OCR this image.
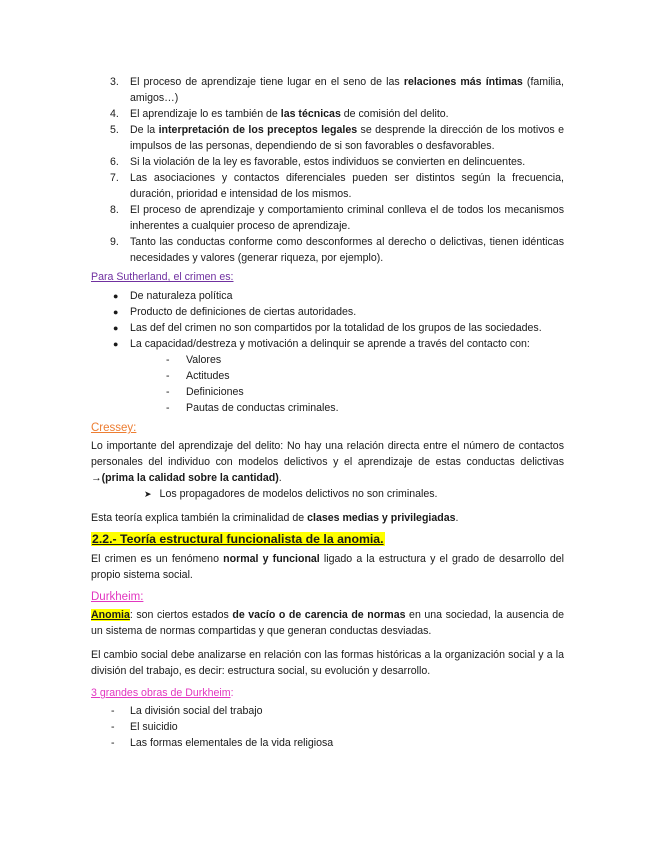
3. El proceso de aprendizaje tiene lugar en el seno de las relaciones más íntimas (familia, amigos…)
4. El aprendizaje lo es también de las técnicas de comisión del delito.
5. De la interpretación de los preceptos legales se desprende la dirección de los motivos e impulsos de las personas, dependiendo de si son favorables o desfavorables.
6. Si la violación de la ley es favorable, estos individuos se convierten en delincuentes.
7. Las asociaciones y contactos diferenciales pueden ser distintos según la frecuencia, duración, prioridad e intensidad de los mismos.
8. El proceso de aprendizaje y comportamiento criminal conlleva el de todos los mecanismos inherentes a cualquier proceso de aprendizaje.
9. Tanto las conductas conforme como desconformes al derecho o delictivas, tienen idénticas necesidades y valores (generar riqueza, por ejemplo).
Para Sutherland, el crimen es:
● De naturaleza política
● Producto de definiciones de ciertas autoridades.
● Las def del crimen no son compartidos por la totalidad de los grupos de las sociedades.
● La capacidad/destreza y motivación a delinquir se aprende a través del contacto con:
- Valores
- Actitudes
- Definiciones
- Pautas de conductas criminales.
Cressey:
Lo importante del aprendizaje del delito: No hay una relación directa entre el número de contactos personales del individuo con modelos delictivos y el aprendizaje de estas conductas delictivas →(prima la calidad sobre la cantidad).
➤ Los propagadores de modelos delictivos no son criminales.
Esta teoría explica también la criminalidad de clases medias y privilegiadas.
2.2.- Teoría estructural funcionalista de la anomia.
El crimen es un fenómeno normal y funcional ligado a la estructura y el grado de desarrollo del propio sistema social.
Durkheim:
Anomia: son ciertos estados de vacío o de carencia de normas en una sociedad, la ausencia de un sistema de normas compartidas y que generan conductas desviadas.
El cambio social debe analizarse en relación con las formas históricas a la organización social y a la división del trabajo, es decir: estructura social, su evolución y desarrollo.
3 grandes obras de Durkheim:
- La división social del trabajo
- El suicidio
- Las formas elementales de la vida religiosa
